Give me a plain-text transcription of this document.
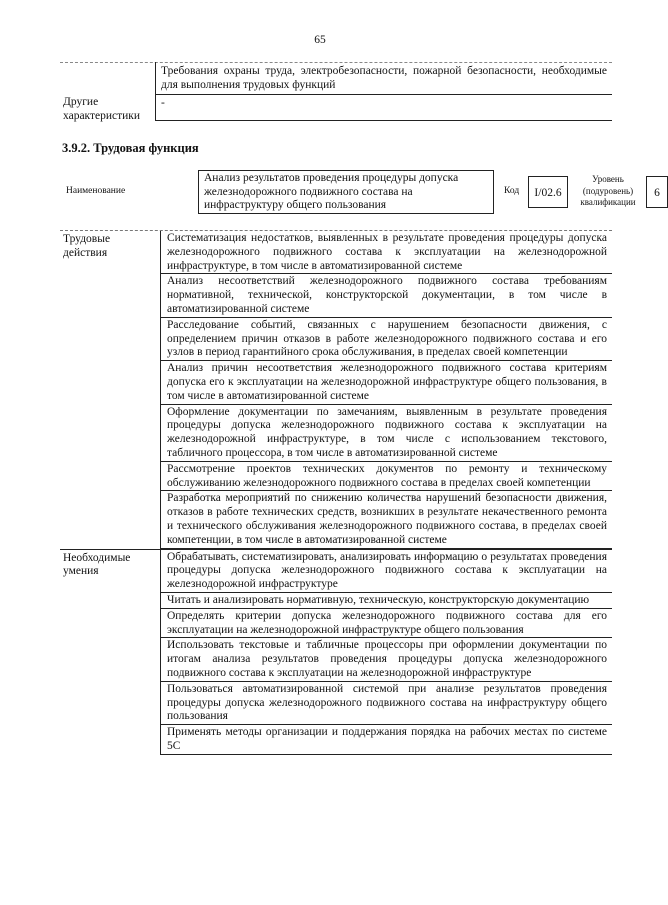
65
Требования охраны труда, электробезопасности, пожарной безопасности, необходимые для выполнения трудовых функций
Другие характеристики
-
3.9.2. Трудовая функция
Наименование
Анализ результатов проведения процедуры допуска железнодорожного подвижного состава на инфраструктуру общего пользования
Код	I/02.6
Уровень (подуровень) квалификации
6
Трудовые действия
Систематизация недостатков, выявленных в результате проведения процедуры допуска железнодорожного подвижного состава к эксплуатации на железнодорожной инфраструктуре, в том числе в автоматизированной системе
Анализ несоответствий железнодорожного подвижного состава требованиям нормативной, технической, конструкторской документации, в том числе в автоматизированной системе
Расследование событий, связанных с нарушением безопасности движения, с определением причин отказов в работе железнодорожного подвижного состава и его узлов в период гарантийного срока обслуживания, в пределах своей компетенции
Анализ причин несоответствия железнодорожного подвижного состава критериям допуска его к эксплуатации на железнодорожной инфраструктуре общего пользования, в том числе в автоматизированной системе
Оформление документации по замечаниям, выявленным в результате проведения процедуры допуска железнодорожного подвижного состава к эксплуатации на железнодорожной инфраструктуре, в том числе с использованием текстового, табличного процессора, в том числе в автоматизированной системе
Рассмотрение проектов технических документов по ремонту и техническому обслуживанию железнодорожного подвижного состава в пределах своей компетенции
Разработка мероприятий по снижению количества нарушений безопасности движения, отказов в работе технических средств, возникших в результате некачественного ремонта и технического обслуживания железнодорожного подвижного состава, в пределах своей компетенции, в том числе в автоматизированной системе
Необходимые умения
Обрабатывать, систематизировать, анализировать информацию о результатах проведения процедуры допуска железнодорожного подвижного состава к эксплуатации на железнодорожной инфраструктуре
Читать и анализировать нормативную, техническую, конструкторскую документацию
Определять критерии допуска железнодорожного подвижного состава для его эксплуатации на железнодорожной инфраструктуре общего пользования
Использовать текстовые и табличные процессоры при оформлении документации по итогам анализа результатов проведения процедуры допуска железнодорожного подвижного состава к эксплуатации на железнодорожной инфраструктуре
Пользоваться автоматизированной системой при анализе результатов проведения процедуры допуска железнодорожного подвижного состава на инфраструктуру общего пользования
Применять методы организации и поддержания порядка на рабочих местах по системе 5С
